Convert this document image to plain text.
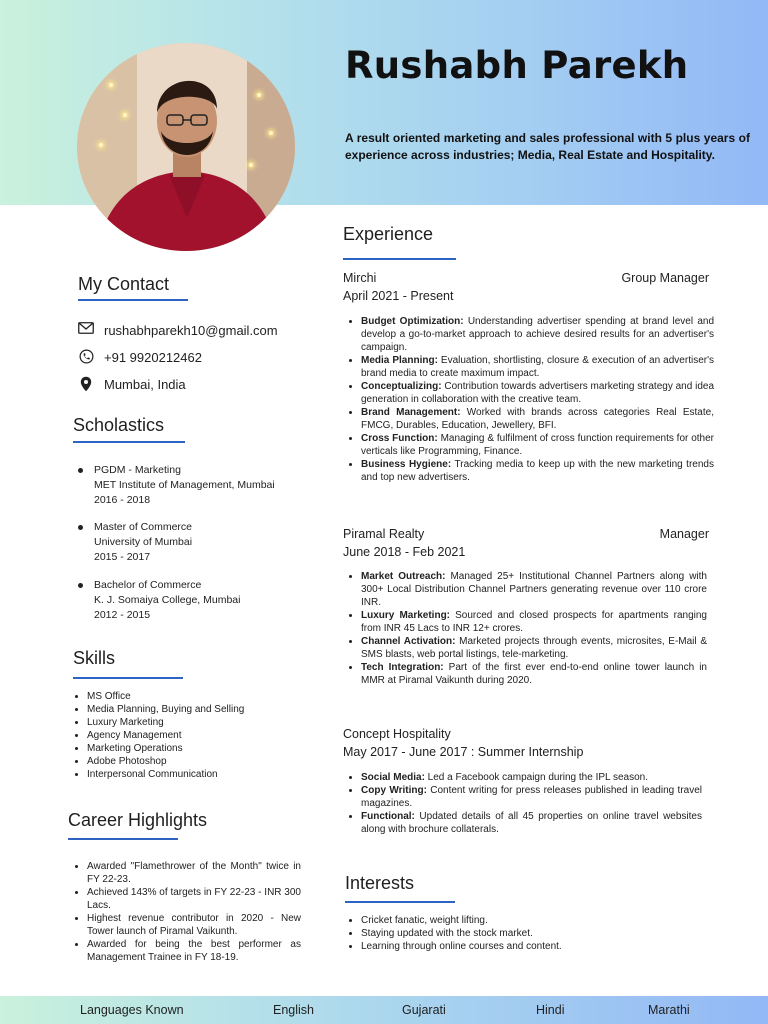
Rushabh Parekh
A result oriented marketing and sales professional with 5 plus years of experience across industries; Media, Real Estate and Hospitality.
My Contact
rushabhparekh10@gmail.com
+91 9920212462
Mumbai, India
Scholastics
PGDM - Marketing
MET Institute of Management, Mumbai
2016 - 2018
Master of Commerce
University of Mumbai
2015 - 2017
Bachelor of Commerce
K. J. Somaiya College, Mumbai
2012 - 2015
Skills
MS Office
Media Planning, Buying and Selling
Luxury Marketing
Agency Management
Marketing Operations
Adobe Photoshop
Interpersonal Communication
Career Highlights
Awarded "Flamethrower of the Month" twice in FY 22-23.
Achieved 143% of targets in FY 22-23 - INR 300 Lacs.
Highest revenue contributor in 2020 - New Tower launch of Piramal Vaikunth.
Awarded for being the best performer as Management Trainee in FY 18-19.
Experience
Mirchi	Group Manager
April 2021 - Present
Budget Optimization: Understanding advertiser spending at brand level and develop a go-to-market approach to achieve desired results for an advertiser's campaign.
Media Planning: Evaluation, shortlisting, closure & execution of an advertiser's brand media to create maximum impact.
Conceptualizing: Contribution towards advertisers marketing strategy and idea generation in collaboration with the creative team.
Brand Management: Worked with brands across categories Real Estate, FMCG, Durables, Education, Jewellery, BFI.
Cross Function: Managing & fulfilment of cross function requirements for other verticals like Programming, Finance.
Business Hygiene: Tracking media to keep up with the new marketing trends and top new advertisers.
Piramal Realty	Manager
June 2018 - Feb 2021
Market Outreach: Managed 25+ Institutional Channel Partners along with 300+ Local Distribution Channel Partners generating revenue over 110 crore INR.
Luxury Marketing: Sourced and closed prospects for apartments ranging from INR 45 Lacs to INR 12+ crores.
Channel Activation: Marketed projects through events, microsites, E-Mail & SMS blasts, web portal listings, tele-marketing.
Tech Integration: Part of the first ever end-to-end online tower launch in MMR at Piramal Vaikunth during 2020.
Concept Hospitality
May 2017 - June 2017 : Summer Internship
Social Media: Led a Facebook campaign during the IPL season.
Copy Writing: Content writing for press releases published in leading travel magazines.
Functional: Updated details of all 45 properties on online travel websites along with brochure collaterals.
Interests
Cricket fanatic, weight lifting.
Staying updated with the stock market.
Learning through online courses and content.
Languages Known	English	Gujarati	Hindi	Marathi
